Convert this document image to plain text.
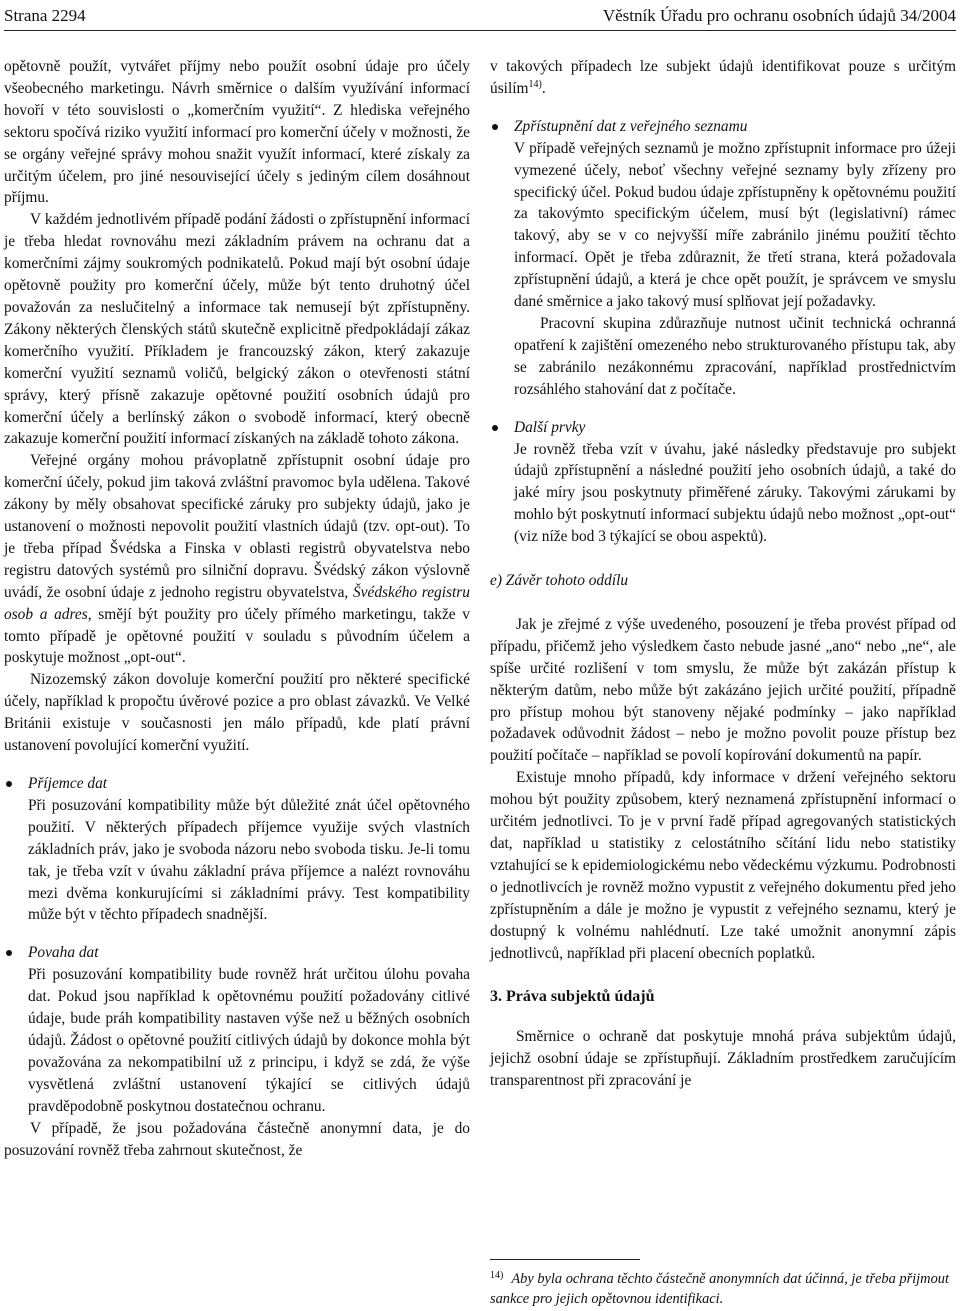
Strana 2294	Věstník Úřadu pro ochranu osobních údajů 34/2004

opětovně použít, vytvářet příjmy nebo použít osobní údaje pro účely všeobecného marketingu. Návrh směrnice o dalším využívání informací hovoří v této souvislosti o „komerčním využití“. Z hlediska veřejného sektoru spočívá riziko využití informací pro komerční účely v možnosti, že se orgány veřejné správy mohou snažit využít informací, které získaly za určitým účelem, pro jiné nesouvisející účely s jediným cílem dosáhnout příjmu.

V každém jednotlivém případě podání žádosti o zpřístupnění informací je třeba hledat rovnováhu mezi základním právem na ochranu dat a komerčními zájmy soukromých podnikatelů. Pokud mají být osobní údaje opětovně použity pro komerční účely, může být tento druhotný účel považován za neslučitelný a informace tak nemusejí být zpřístupněny. Zákony některých členských států skutečně explicitně předpokládají zákaz komerčního využití. Příkladem je francouzský zákon, který zakazuje komerční využití seznamů voličů, belgický zákon o otevřenosti státní správy, který přísně zakazuje opětovné použití osobních údajů pro komerční účely a berlínský zákon o svobodě informací, který obecně zakazuje komerční použití informací získaných na základě tohoto zákona.

Veřejné orgány mohou právoplatně zpřístupnit osobní údaje pro komerční účely, pokud jim taková zvláštní pravomoc byla udělena. Takové zákony by měly obsahovat specifické záruky pro subjekty údajů, jako je ustanovení o možnosti nepovolit použití vlastních údajů (tzv. opt-out). To je třeba případ Švédska a Finska v oblasti registrů obyvatelstva nebo registru datových systémů pro silniční dopravu. Švédský zákon výslovně uvádí, že osobní údaje z jednoho registru obyvatelstva, Švédského registru osob a adres, smějí být použity pro účely přímého marketingu, takže v tomto případě je opětovné použití v souladu s původním účelem a poskytuje možnost „opt-out“.

Nizozemský zákon dovoluje komerční použití pro některé specifické účely, například k propočtu úvěrové pozice a pro oblast závazků. Ve Velké Británii existuje v současnosti jen málo případů, kde platí právní ustanovení povolující komerční využití.

Příjemce dat

Při posuzování kompatibility může být důležité znát účel opětovného použití. V některých případech příjemce využije svých vlastních základních práv, jako je svoboda názoru nebo svoboda tisku. Je-li tomu tak, je třeba vzít v úvahu základní práva příjemce a nalézt rovnováhu mezi dvěma konkurujícími si základními právy. Test kompatibility může být v těchto případech snadnější.

Povaha dat

Při posuzování kompatibility bude rovněž hrát určitou úlohu povaha dat. Pokud jsou například k opětovnému použití požadovány citlivé údaje, bude práh kompatibility nastaven výše než u běžných osobních údajů. Žádost o opětovné použití citlivých údajů by dokonce mohla být považována za nekompatibilní už z principu, i když se zdá, že výše vysvětlená zvláštní ustanovení týkající se citlivých údajů pravděpodobně poskytnou dostatečnou ochranu.

V případě, že jsou požadována částečně anonymní data, je do posuzování rovněž třeba zahrnout skutečnost, že

v takových případech lze subjekt údajů identifikovat pouze s určitým úsilím$^{14)}$.

Zpřístupnění dat z veřejného seznamu

V případě veřejných seznamů je možno zpřístupnit informace pro úžeji vymezené účely, neboť všechny veřejné seznamy byly zřízeny pro specifický účel. Pokud budou údaje zpřístupněny k opětovnému použití za takovýmto specifickým účelem, musí být (legislativní) rámec takový, aby se v co nejvyšší míře zabránilo jinému použití těchto informací. Opět je třeba zdůraznit, že třetí strana, která požadovala zpřístupnění údajů, a která je chce opět použít, je správcem ve smyslu dané směrnice a jako takový musí splňovat její požadavky.

Pracovní skupina zdůrazňuje nutnost učinit technická ochranná opatření k zajištění omezeného nebo strukturovaného přístupu tak, aby se zabránilo nezákonnému zpracování, například prostřednictvím rozsáhlého stahování dat z počítače.

Další prvky

Je rovněž třeba vzít v úvahu, jaké následky představuje pro subjekt údajů zpřístupnění a následné použití jeho osobních údajů, a také do jaké míry jsou poskytnuty přiměřené záruky. Takovými zárukami by mohlo být poskytnutí informací subjektu údajů nebo možnost „opt-out“ (viz níže bod 3 týkající se obou aspektů).

e) Závěr tohoto oddílu

Jak je zřejmé z výše uvedeného, posouzení je třeba provést případ od případu, přičemž jeho výsledkem často nebude jasné „ano“ nebo „ne“, ale spíše určité rozlišení v tom smyslu, že může být zakázán přístup k některým datům, nebo může být zakázáno jejich určité použití, případně pro přístup mohou být stanoveny nějaké podmínky – jako například požadavek odůvodnit žádost – nebo je možno povolit pouze přístup bez použití počítače – například se povolí kopírování dokumentů na papír.

Existuje mnoho případů, kdy informace v držení veřejného sektoru mohou být použity způsobem, který neznamená zpřístupnění informací o určitém jednotlivci. To je v první řadě případ agregovaných statistických dat, například u statistiky z celostátního sčítání lidu nebo statistiky vztahující se k epidemiologickému nebo vědeckému výzkumu. Podrobnosti o jednotlivcích je rovněž možno vypustit z veřejného dokumentu před jeho zpřístupněním a dále je možno je vypustit z veřejného seznamu, který je dostupný k volnému nahlédnutí. Lze také umožnit anonymní zápis jednotlivců, například při placení obecních poplatků.

3. Práva subjektů údajů

Směrnice o ochraně dat poskytuje mnohá práva subjektům údajů, jejichž osobní údaje se zpřístupňují. Základním prostředkem zaručujícím transparentnost při zpracování je

$^{14)}$ Aby byla ochrana těchto částečně anonymních dat účinná, je třeba přijmout sankce pro jejich opětovnou identifikaci.
